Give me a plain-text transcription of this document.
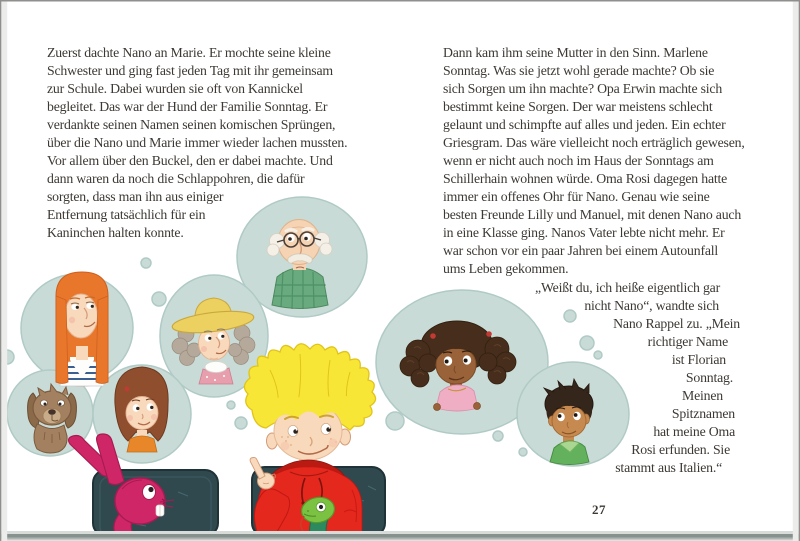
Zuerst dachte Nano an Marie. Er mochte seine kleine
Schwester und ging fast jeden Tag mit ihr gemeinsam
zur Schule. Dabei wurden sie oft von Kannickel
begleitet. Das war der Hund der Familie Sonntag. Er
verdankte seinen Namen seinen komischen Sprüngen,
über die Nano und Marie immer wieder lachen mussten.
Vor allem über den Buckel, den er dabei machte. Und
dann waren da noch die Schlappohren, die dafür
sorgten, dass man ihn aus einiger
Entfernung tatsächlich für ein
Kaninchen halten konnte.
Dann kam ihm seine Mutter in den Sinn. Marlene
Sonntag. Was sie jetzt wohl gerade machte? Ob sie
sich Sorgen um ihn machte? Opa Erwin machte sich
bestimmt keine Sorgen. Der war meistens schlecht
gelaunt und schimpfte auf alles und jeden. Ein echter
Griesgram. Das wäre vielleicht noch erträglich gewesen,
wenn er nicht auch noch im Haus der Sonntags am
Schillerhain wohnen würde. Oma Rosi dagegen hatte
immer ein offenes Ohr für Nano. Genau wie seine
besten Freunde Lilly und Manuel, mit denen Nano auch
in eine Klasse ging. Nanos Vater lebte nicht mehr. Er
war schon vor ein paar Jahren bei einem Autounfall
ums Leben gekommen.
„Weißt du, ich heiße eigentlich gar
nicht Nano“, wandte sich
Nano Rappel zu. „Mein
richtiger Name
ist Florian
Sonntag.
Meinen
Spitznamen
hat meine Oma
Rosi erfunden. Sie
stammt aus Italien.“
27
